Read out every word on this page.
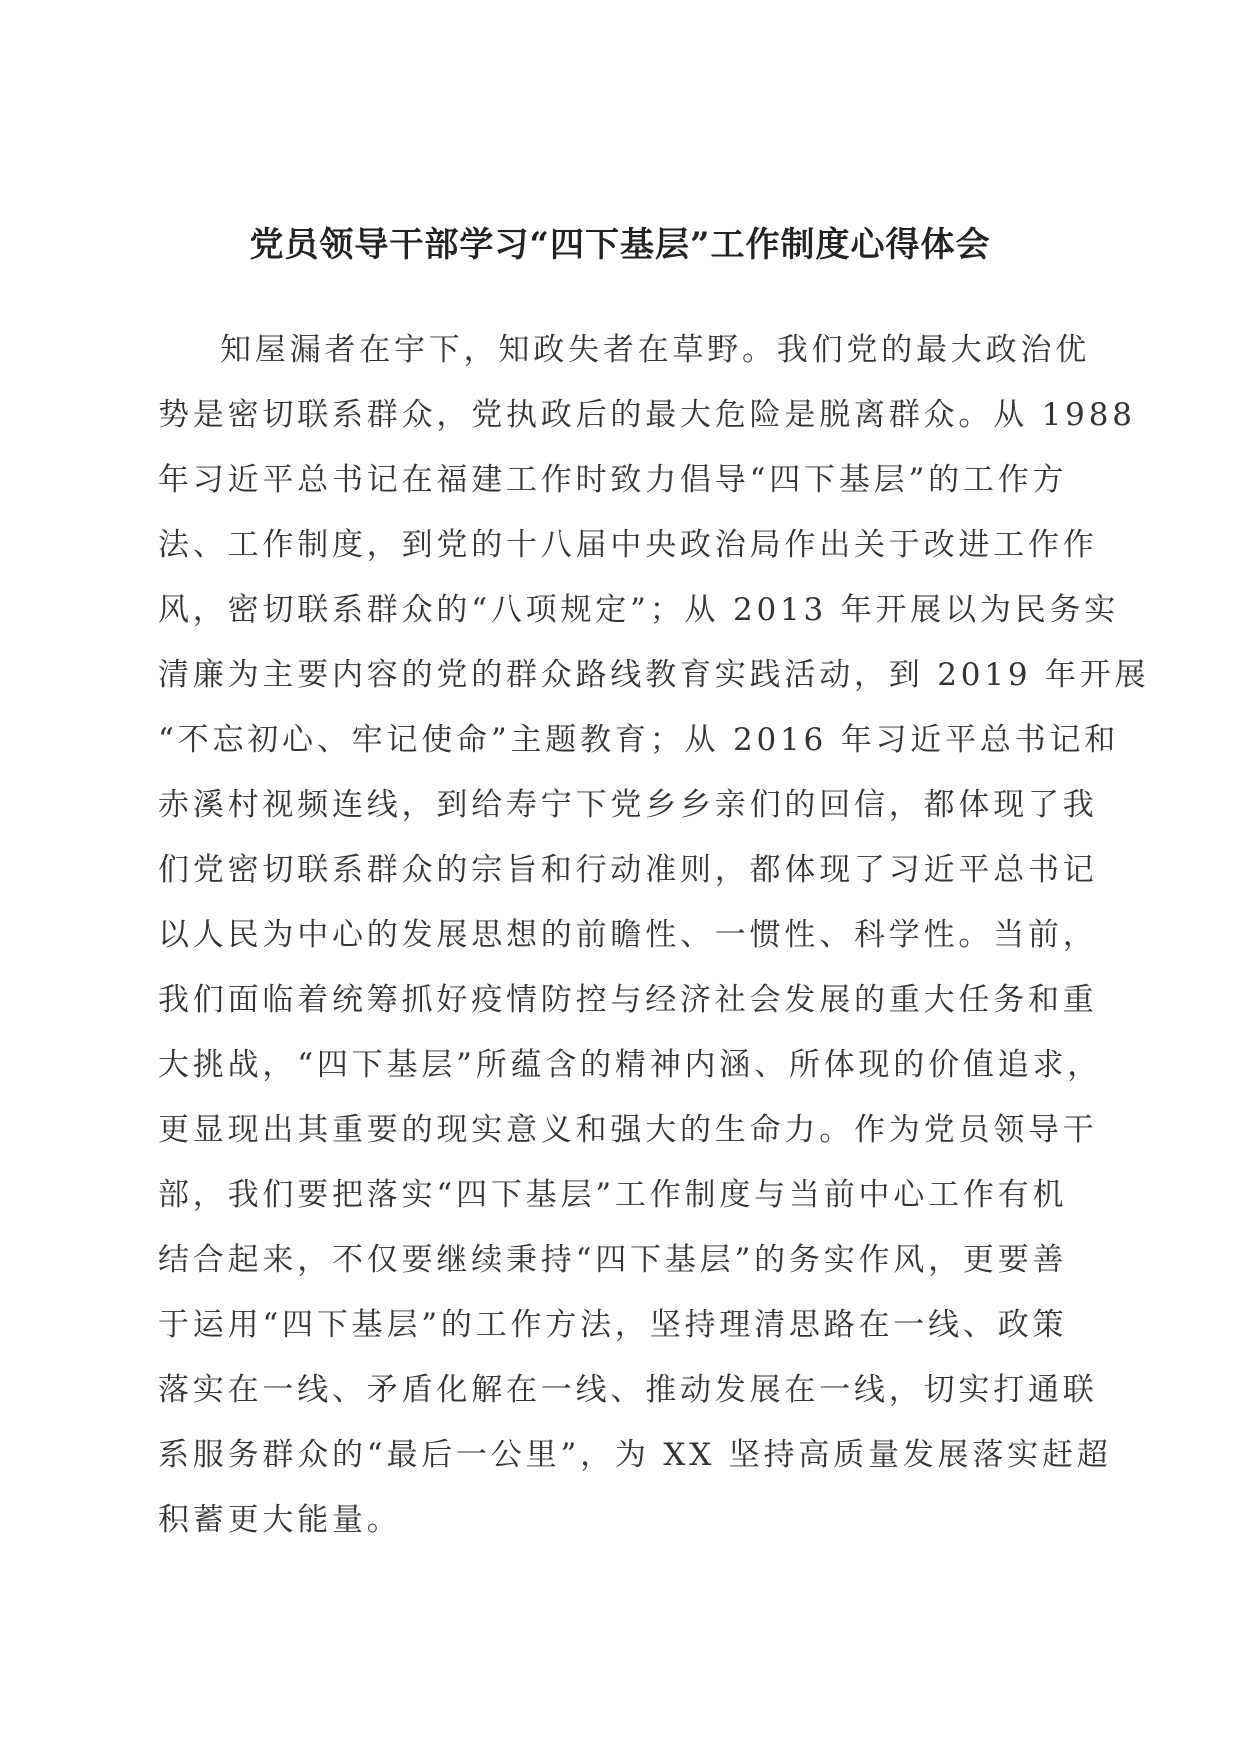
党员领导干部学习“四下基层”工作制度心得体会
知屋漏者在宇下，知政失者在草野。我们党的最大政治优
势是密切联系群众，党执政后的最大危险是脱离群众。从 1988
年习近平总书记在福建工作时致力倡导“四下基层”的工作方
法、工作制度，到党的十八届中央政治局作出关于改进工作作
风，密切联系群众的“八项规定”；从 2013 年开展以为民务实
清廉为主要内容的党的群众路线教育实践活动，到 2019 年开展
“不忘初心、牢记使命”主题教育；从 2016 年习近平总书记和
赤溪村视频连线，到给寿宁下党乡乡亲们的回信，都体现了我
们党密切联系群众的宗旨和行动准则，都体现了习近平总书记
以人民为中心的发展思想的前瞻性、一惯性、科学性。当前，
我们面临着统筹抓好疫情防控与经济社会发展的重大任务和重
大挑战，“四下基层”所蕴含的精神内涵、所体现的价值追求，
更显现出其重要的现实意义和强大的生命力。作为党员领导干
部，我们要把落实“四下基层”工作制度与当前中心工作有机
结合起来，不仅要继续秉持“四下基层”的务实作风，更要善
于运用“四下基层”的工作方法，坚持理清思路在一线、政策
落实在一线、矛盾化解在一线、推动发展在一线，切实打通联
系服务群众的“最后一公里”，为 XX 坚持高质量发展落实赶超
积蓄更大能量。
